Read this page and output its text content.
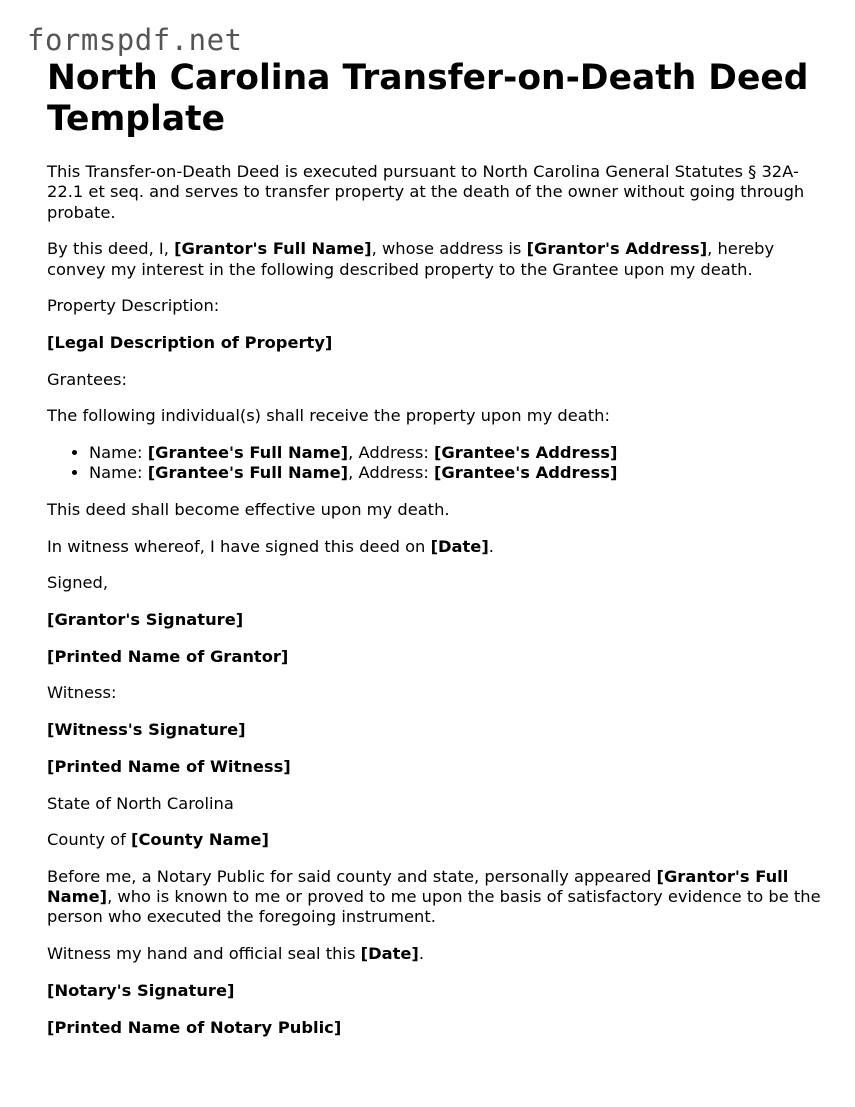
formspdf.net
North Carolina Transfer-on-Death Deed Template

This Transfer-on-Death Deed is executed pursuant to North Carolina General Statutes § 32A-22.1 et seq. and serves to transfer property at the death of the owner without going through probate.

By this deed, I, [Grantor's Full Name], whose address is [Grantor's Address], hereby convey my interest in the following described property to the Grantee upon my death.

Property Description:

[Legal Description of Property]

Grantees:

The following individual(s) shall receive the property upon my death:

• Name: [Grantee's Full Name], Address: [Grantee's Address]
• Name: [Grantee's Full Name], Address: [Grantee's Address]

This deed shall become effective upon my death.

In witness whereof, I have signed this deed on [Date].

Signed,

[Grantor's Signature]

[Printed Name of Grantor]

Witness:

[Witness's Signature]

[Printed Name of Witness]

State of North Carolina

County of [County Name]

Before me, a Notary Public for said county and state, personally appeared [Grantor's Full Name], who is known to me or proved to me upon the basis of satisfactory evidence to be the person who executed the foregoing instrument.

Witness my hand and official seal this [Date].

[Notary's Signature]

[Printed Name of Notary Public]
